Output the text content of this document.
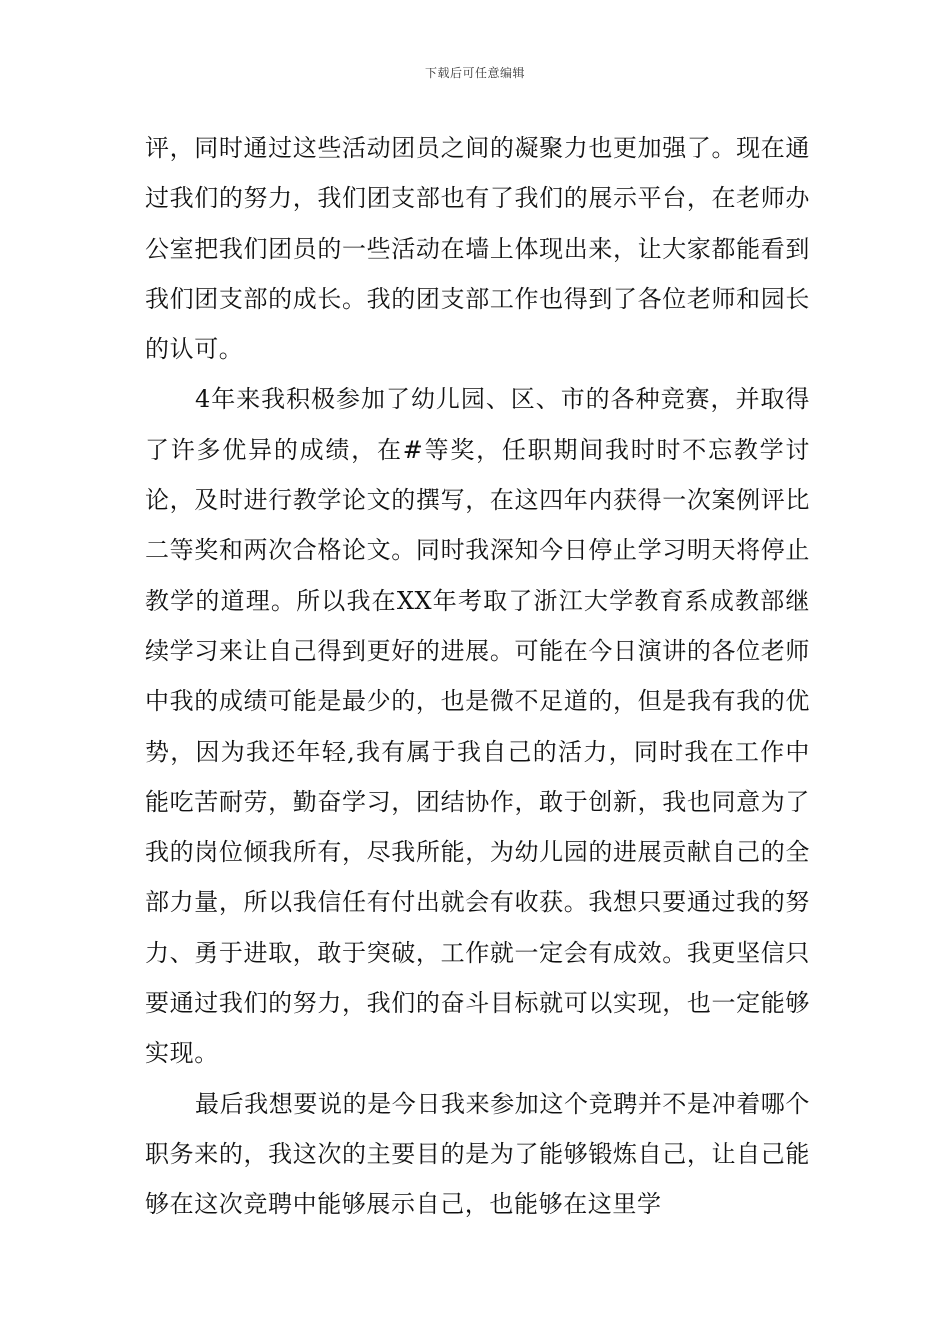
下载后可任意编辑

评，同时通过这些活动团员之间的凝聚力也更加强了。现在通过我们的努力，我们团支部也有了我们的展示平台，在老师办公室把我们团员的一些活动在墙上体现出来，让大家都能看到我们团支部的成长。我的团支部工作也得到了各位老师和园长的认可。

4年来我积极参加了幼儿园、区、市的各种竞赛，并取得了许多优异的成绩，在#等奖，任职期间我时时不忘教学讨论，及时进行教学论文的撰写，在这四年内获得一次案例评比二等奖和两次合格论文。同时我深知今日停止学习明天将停止教学的道理。所以我在XX年考取了浙江大学教育系成教部继续学习来让自己得到更好的进展。可能在今日演讲的各位老师中我的成绩可能是最少的，也是微不足道的，但是我有我的优势，因为我还年轻,我有属于我自己的活力，同时我在工作中能吃苦耐劳，勤奋学习，团结协作，敢于创新，我也同意为了我的岗位倾我所有，尽我所能，为幼儿园的进展贡献自己的全部力量，所以我信任有付出就会有收获。我想只要通过我的努力、勇于进取，敢于突破，工作就一定会有成效。我更坚信只要通过我们的努力，我们的奋斗目标就可以实现，也一定能够实现。

最后我想要说的是今日我来参加这个竞聘并不是冲着哪个职务来的，我这次的主要目的是为了能够锻炼自己，让自己能够在这次竞聘中能够展示自己，也能够在这里学
